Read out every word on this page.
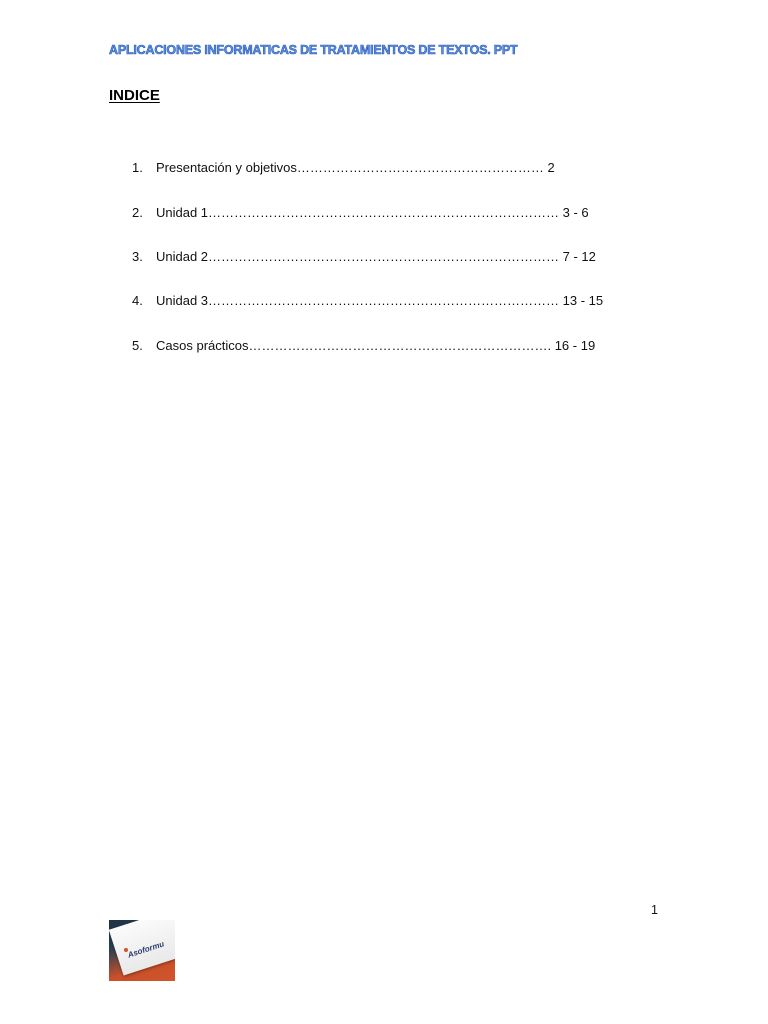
APLICACIONES INFORMATICAS DE TRATAMIENTOS DE TEXTOS. PPT
INDICE
1. Presentación y objetivos………………………………………………… 2
2. Unidad 1……………………………………………………………………… 3 - 6
3. Unidad 2……………………………………………………………………… 7 - 12
4. Unidad 3……………………………………………………………………… 13 - 15
5. Casos prácticos……………………………………………………………. 16 - 19
1
Asoformu
